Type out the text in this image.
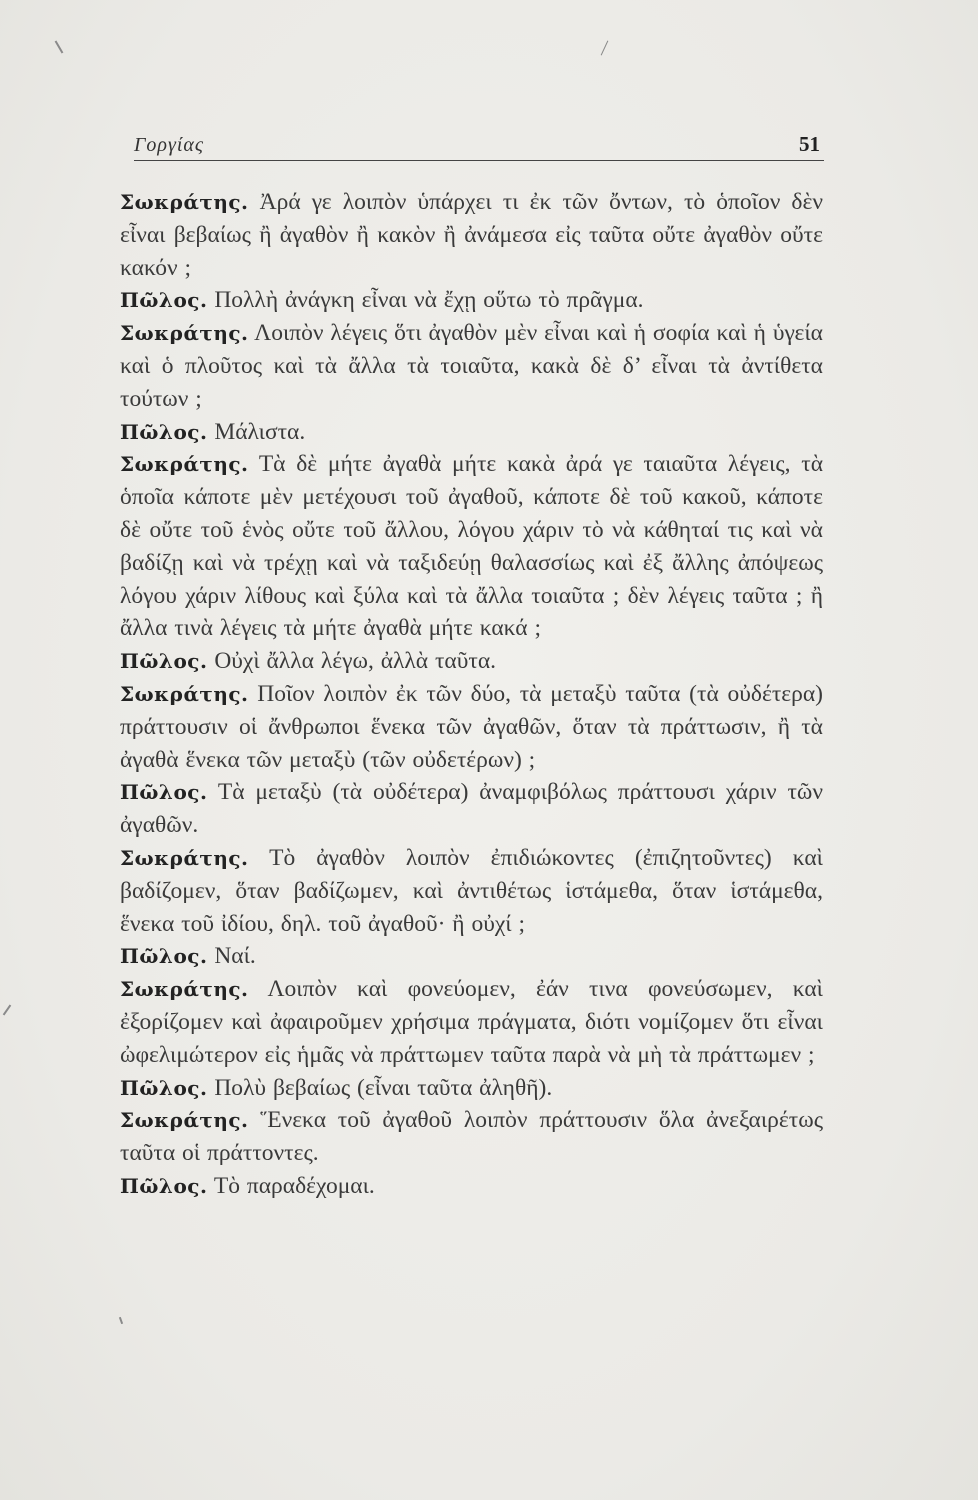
Γοργίας	51

Σωκράτης. Ἀρά γε λοιπὸν ὑπάρχει τι ἐκ τῶν ὄντων, τὸ ὁποῖον δὲν εἶναι βεβαίως ἢ ἀγαθὸν ἢ κακὸν ἢ ἀνάμεσα εἰς ταῦτα οὔτε ἀγαθὸν οὔτε κακόν ;

Πῶλος. Πολλὴ ἀνάγκη εἶναι νὰ ἔχῃ οὕτω τὸ πρᾶγμα.

Σωκράτης. Λοιπὸν λέγεις ὅτι ἀγαθὸν μὲν εἶναι καὶ ἡ σοφία καὶ ἡ ὑγεία καὶ ὁ πλοῦτος καὶ τὰ ἄλλα τὰ τοιαῦτα, κακὰ δὲ δ’ εἶναι τὰ ἀντίθετα τούτων ;

Πῶλος. Μάλιστα.

Σωκράτης. Τὰ δὲ μήτε ἀγαθὰ μήτε κακὰ ἀρά γε ταιαῦτα λέγεις, τὰ ὁποῖα κάποτε μὲν μετέχουσι τοῦ ἀγαθοῦ, κάποτε δὲ τοῦ κακοῦ, κάποτε δὲ οὔτε τοῦ ἑνὸς οὔτε τοῦ ἄλλου, λόγου χάριν τὸ νὰ κάθηταί τις καὶ νὰ βαδίζῃ καὶ νὰ τρέχῃ καὶ νὰ ταξιδεύῃ θαλασσίως καὶ ἐξ ἄλλης ἀπόψεως λόγου χάριν λίθους καὶ ξύλα καὶ τὰ ἄλλα τοιαῦτα ; δὲν λέγεις ταῦτα ; ἢ ἄλλα τινὰ λέγεις τὰ μήτε ἀγαθὰ μήτε κακά ;

Πῶλος. Οὐχὶ ἄλλα λέγω, ἀλλὰ ταῦτα.

Σωκράτης. Ποῖον λοιπὸν ἐκ τῶν δύο, τὰ μεταξὺ ταῦτα (τὰ οὐδέτερα) πράττουσιν οἱ ἄνθρωποι ἕνεκα τῶν ἀγαθῶν, ὅταν τὰ πράττωσιν, ἢ τὰ ἀγαθὰ ἕνεκα τῶν μεταξὺ (τῶν οὐδετέρων) ;

Πῶλος. Τὰ μεταξὺ (τὰ οὐδέτερα) ἀναμφιβόλως πράττουσι χάριν τῶν ἀγαθῶν.

Σωκράτης. Τὸ ἀγαθὸν λοιπὸν ἐπιδιώκοντες (ἐπιζητοῦντες) καὶ βαδίζομεν, ὅταν βαδίζωμεν, καὶ ἀντιθέτως ἱστάμεθα, ὅταν ἱστάμεθα, ἕνεκα τοῦ ἰδίου, δηλ. τοῦ ἀγαθοῦ· ἢ οὐχί ;

Πῶλος. Ναί.

Σωκράτης. Λοιπὸν καὶ φονεύομεν, ἐάν τινα φονεύσωμεν, καὶ ἐξορίζομεν καὶ ἀφαιροῦμεν χρήσιμα πράγματα, διότι νομίζομεν ὅτι εἶναι ὠφελιμώτερον εἰς ἡμᾶς νὰ πράττωμεν ταῦτα παρὰ νὰ μὴ τὰ πράττωμεν ;

Πῶλος. Πολὺ βεβαίως (εἶναι ταῦτα ἀληθῆ).

Σωκράτης. Ἕνεκα τοῦ ἀγαθοῦ λοιπὸν πράττουσιν ὅλα ἀνεξαιρέτως ταῦτα οἱ πράττοντες.

Πῶλος. Τὸ παραδέχομαι.
